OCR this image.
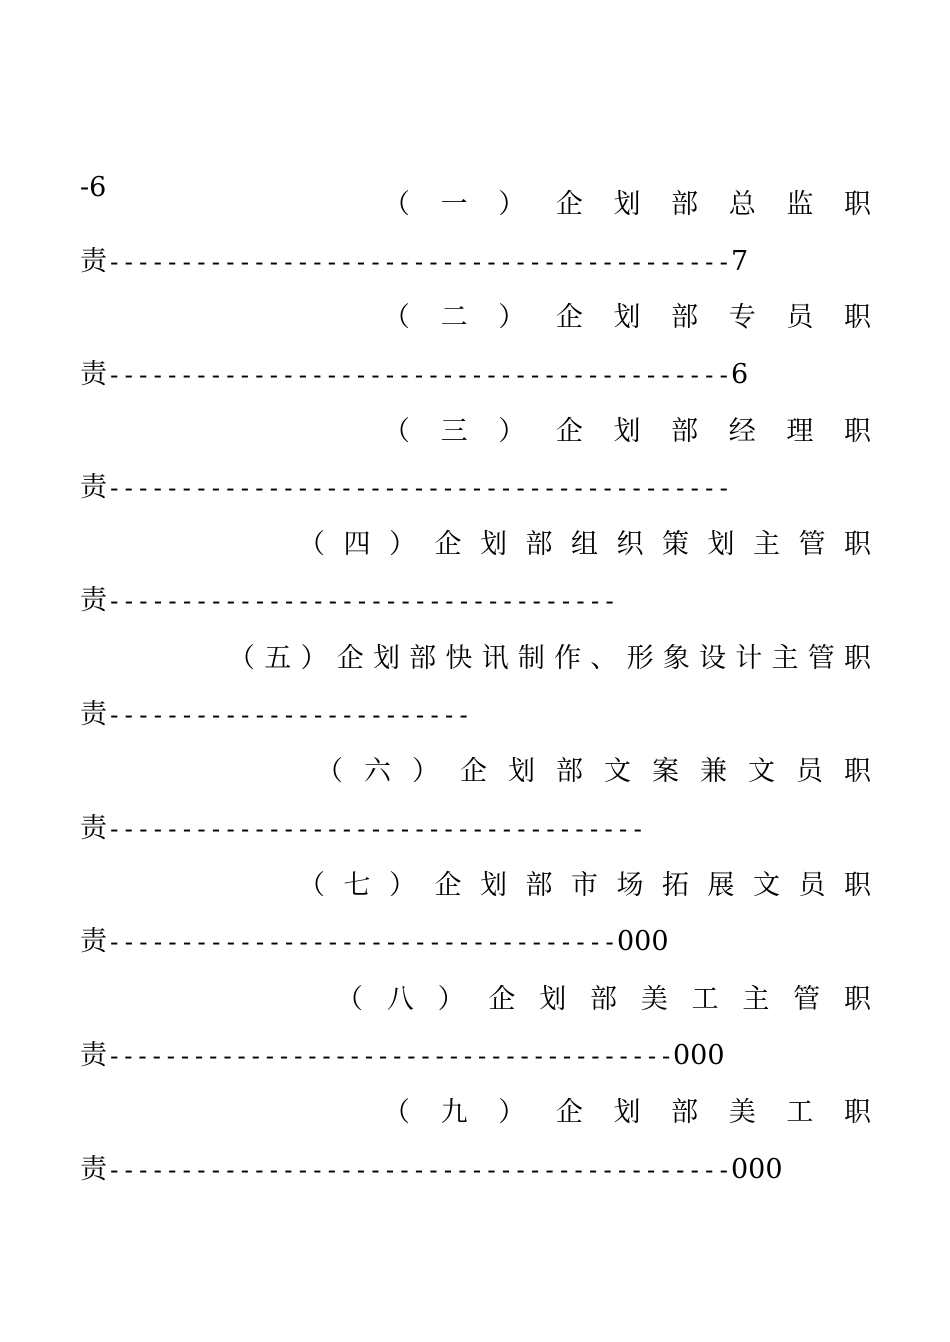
-6

（ 一 ） 企 划 部 总 监 职
责 ------------------------------------------- 7
（ 二 ） 企 划 部 专 员 职
责 ------------------------------------------- 6
（ 三 ） 企 划 部 经 理 职
责 -------------------------------------------
（ 四 ） 企 划 部 组 织 策 划 主 管 职
责 -----------------------------------
（ 五 ） 企 划 部 快 讯 制 作 、 形 象 设 计 主 管 职
责 -------------------------
（ 六 ） 企 划 部 文 案 兼 文 员 职
责 -------------------------------------
（ 七 ） 企 划 部 市 场 拓 展 文 员 职
责 ----------------------------------- 000
（ 八 ） 企 划 部 美 工 主 管 职
责 ---------------------------------------- 000
（ 九 ） 企 划 部 美 工 职
责 ------------------------------------------- 000
